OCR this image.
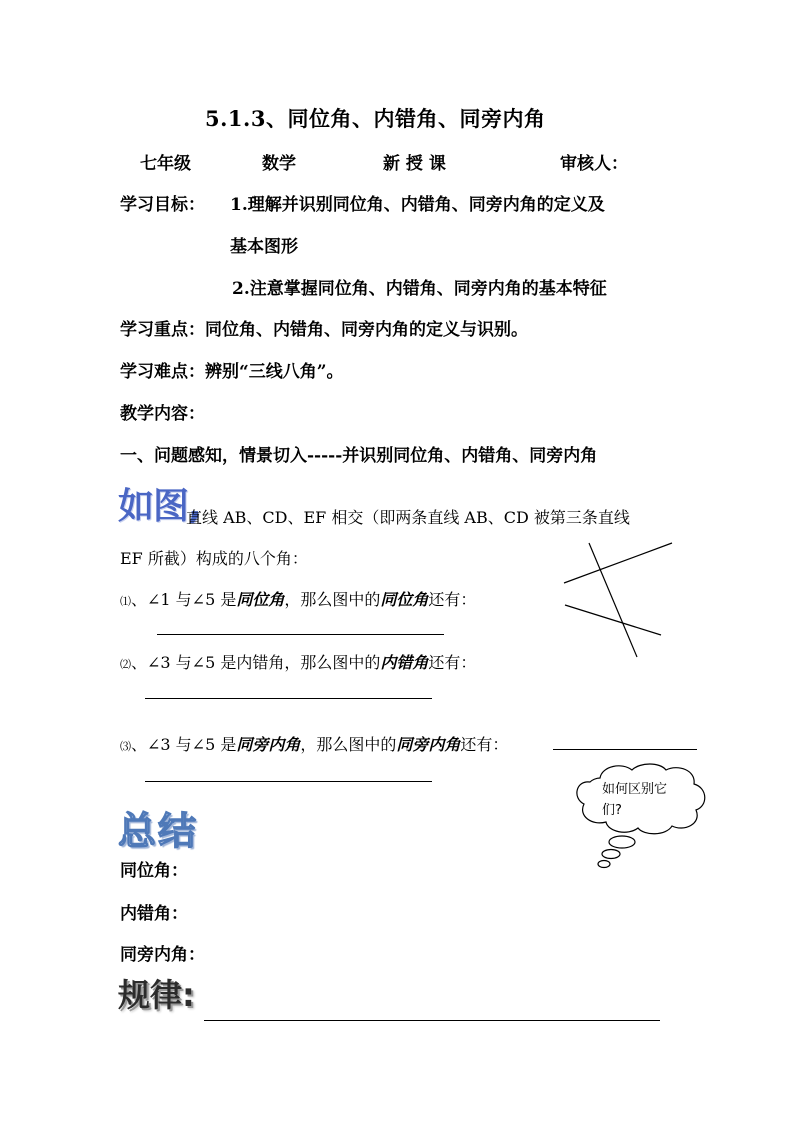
5.1.3、同位角、内错角、同旁内角
七年级	数学	新 授 课	审核人：
学习目标： 1.理解并识别同位角、内错角、同旁内角的定义及
基本图形
2.注意掌握同位角、内错角、同旁内角的基本特征
学习重点：同位角、内错角、同旁内角的定义与识别。
学习难点：辨别“三线八角”。
教学内容：
一、问题感知，情景切入-----并识别同位角、内错角、同旁内角
如图,
直线 AB、CD、EF 相交（即两条直线 AB、CD 被第三条直线
EF 所截）构成的八个角：
⑴、∠1 与∠5 是同位角，那么图中的同位角还有：
⑵、∠3 与∠5 是内错角，那么图中的内错角还有：
⑶、∠3 与∠5 是同旁内角，那么图中的同旁内角还有：
如何区别它
们?
总结
同位角：
内错角：
同旁内角：
规律:
